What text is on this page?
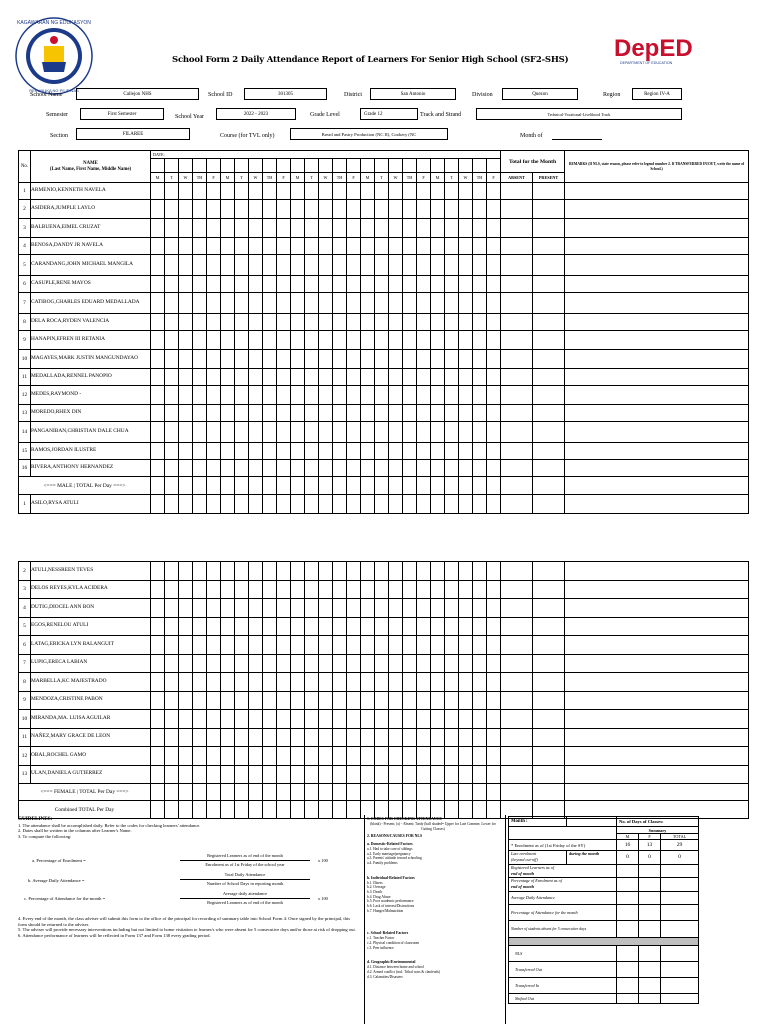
KAGAWARAN NG EDUKASYON
REPUBLIKA NG PILIPINAS
School Form 2 Daily Attendance Report of Learners For Senior High School (SF2-SHS) DepED
DEPARTMENT OF EDUCATION
School Name	Callejon NHS	School ID	301305	District	San Antonio	Division	Quezon	Region	Region IV-A
Semester	First Semester	School Year	2022 - 2023	Grade Level	Grade 12	Track and Strand	Technical-Vocational-Livelihood Track
Section	FILAREE	Course (for TVL only)	Bread and Pastry Production (NC II), Cookery (NC	Month of
No.	NAME
(Last Name, First Name, Middle Name)	DATE:																									Total for the Month		REMARKS (If NLS, state reason, please refer to legend number 2. If TRANSFERRED IN/OUT, write the name of School.)

		M	T	W	TH	F	M	T	W	TH	F	M	T	W	TH	F	M	T	W	TH	F	M	T	W	TH	F	ABSENT	PRESENT	
1	ARMENIO,KENNETH NAVELA																												
2	ASIDERA,JUMPLE LAYLO																												
3	BALBUENA,EIMEL CRUZAT																												
4	BENOSA,DANDY JR NAVELA																												
5	CARANDANG,JOHN MICHAEL MANGILA																												
6	CASUPLE,RENE MAYOS																												
7	CATIBOG,CHARLES EDUARD MEDALLADA																												
8	DELA ROCA,RYDEN VALENCIA																												
9	HANAPIN,EFREN III RETANIA																												
10	MAGAYES,MARK JUSTIN MANGUNDAYAO																												
11	MEDALLADA,RENNEL PANOPIO																												
12	MEDES,RAYMOND -																												
13	MOREDO,RHEX DIN																												
14	PANGANIBAN,CHRISTIAN DALE CHUA																												
15	RAMOS,JORDAN ILUSTRE																												
16	RIVERA,ANTHONY HERNANDEZ																												
<=== MALE | TOTAL Per Day ===>																													
1	ASILO,RYSA ATULI																												
2	ATULI,NESSREEN TEVES																												
3	DELOS REYES,KYLA ACIDERA																												
4	DUTIG,DIOCEL ANN BON																												
5	EGOS,RENELOU ATULI																												
6	LATAG,ERICKA LYN BALANGUIT																												
7	LUPIG,ERECA LABIAN																												
8	MARBELLA,KC MAJESTRADO																												
9	MENDOZA,CRISTINE PABON																												
10	MIRANDA,MA. LUISA AGUILAR																												
11	NAÑEZ,MARY GRACE DE LEON																												
12	OBAL,ROCHEL GAMO																												
13	ULAN,DANIELA GUTIERREZ																												
<=== FEMALE | TOTAL Per Day ===>																													
Combined TOTAL Per Day																													

GUIDELINES:

1. The attendance shall be accomplished daily. Refer to the codes for checking learners' attendance.

2. Dates shall be written in the columns after Learner's Name.

3. To compute the following:

a. Percentage of Enrolment =
Registered Learners as of end of the month
Enrolment as of 1st Friday of the school year
x 100
b. Average Daily Attendance =
Total Daily Attendance
Number of School Days in reporting month
c. Percentage of Attendance for the month =
Average daily attendance
Registered Learners as of end of the month
x 100

4. Every end of the month, the class adviser will submit this form to the office of the principal for recording of summary table into School Form 4. Once signed by the principal, this form should be returned to the adviser.

5. The adviser will provide necessary interventions including but not limited to home visitation to learner/s who were absent for 5 consecutive days and/or those at risk of dropping out.

6. Attendance performance of learners will be reflected in Form 137 and Form 138 every grading period.

1. CODES FOR CHECKING ATTENDANCE

(blank) - Present; (x) - Absent; Tardy (half shaded= Upper for Late Commer, Lower for Cutting Classes)

2. REASONS/CAUSES FOR NLS

a. Domestic-Related Factors

a.1. Had to take care of siblings

a.2. Early marriage/pregnancy

a.3. Parents' attitude toward schooling

a.4. Family problems

b. Individual-Related Factors

b.1. Illness

b.2. Overage

b.3. Death

b.4. Drug Abuse

b.5. Poor academic performance

b.6. Lack of interest/Distractions

b.7. Hunger/Malnutrition

c. School-Related Factors

c.1. Teacher Factor

c.2. Physical condition of classroom

c.3. Peer influence

d. Geographic/Environmental

d.1. Distance between home and school

d.2. Armed conflict (incl. Tribal wars & clanfeuds)

d.3. Calamities/Disasters

Month :		No. of Days of Classes:		
		Summary		
		M	F	TOTAL
* Enrolment as of (1st Friday of the SY)		16	13	29
Late enrolment
(beyond cut-off)	during the month	0	0	0
Registered Learners as of
end of month				
Percentage of Enrolment as of
end of month				
Average Daily Attendance				
Percentage of Attendance for the month				
Number of students absent for 5 consecutive days				

NLS				
Transferred Out				
Transferred In				
Shifted Out				
